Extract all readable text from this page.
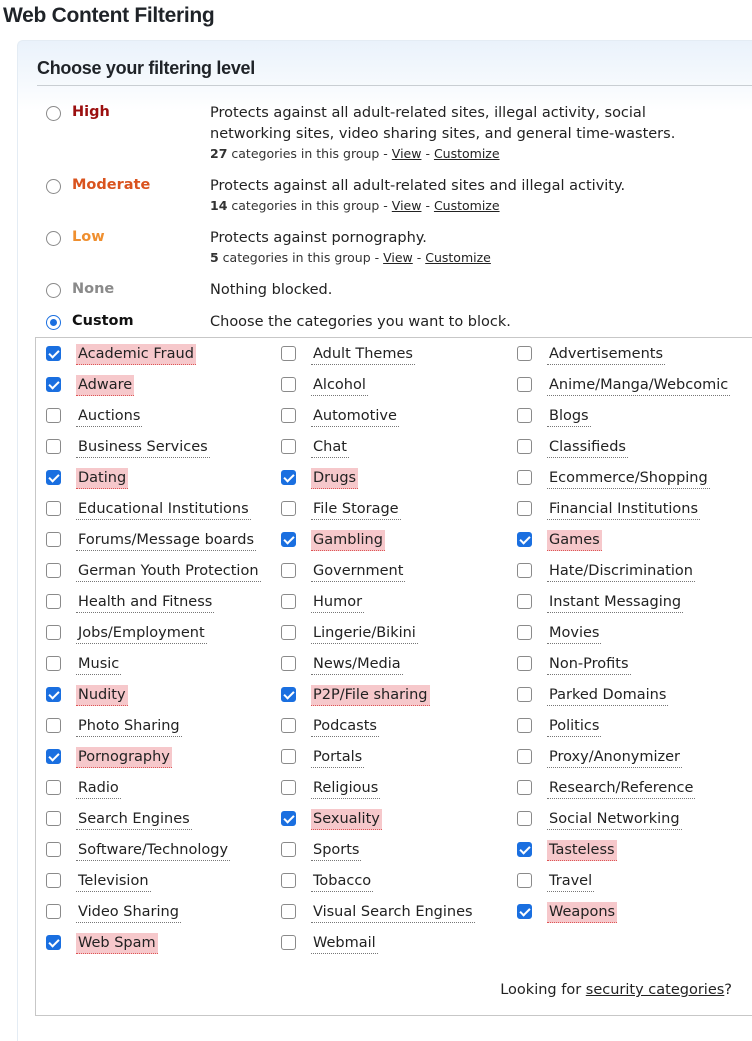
Web Content Filtering
Choose your filtering level
High	Protects against all adult-related sites, illegal activity, social networking sites, video sharing sites, and general time-wasters.
27 categories in this group - View - Customize
Moderate	Protects against all adult-related sites and illegal activity.
14 categories in this group - View - Customize
Low	Protects against pornography.
5 categories in this group - View - Customize
None	Nothing blocked.
Custom	Choose the categories you want to block.
Academic Fraud	Adult Themes	Advertisements
Adware	Alcohol	Anime/Manga/Webcomic
Auctions	Automotive	Blogs
Business Services	Chat	Classifieds
Dating	Drugs	Ecommerce/Shopping
Educational Institutions	File Storage	Financial Institutions
Forums/Message boards	Gambling	Games
German Youth Protection	Government	Hate/Discrimination
Health and Fitness	Humor	Instant Messaging
Jobs/Employment	Lingerie/Bikini	Movies
Music	News/Media	Non-Profits
Nudity	P2P/File sharing	Parked Domains
Photo Sharing	Podcasts	Politics
Pornography	Portals	Proxy/Anonymizer
Radio	Religious	Research/Reference
Search Engines	Sexuality	Social Networking
Software/Technology	Sports	Tasteless
Television	Tobacco	Travel
Video Sharing	Visual Search Engines	Weapons
Web Spam	Webmail
Looking for security categories?
